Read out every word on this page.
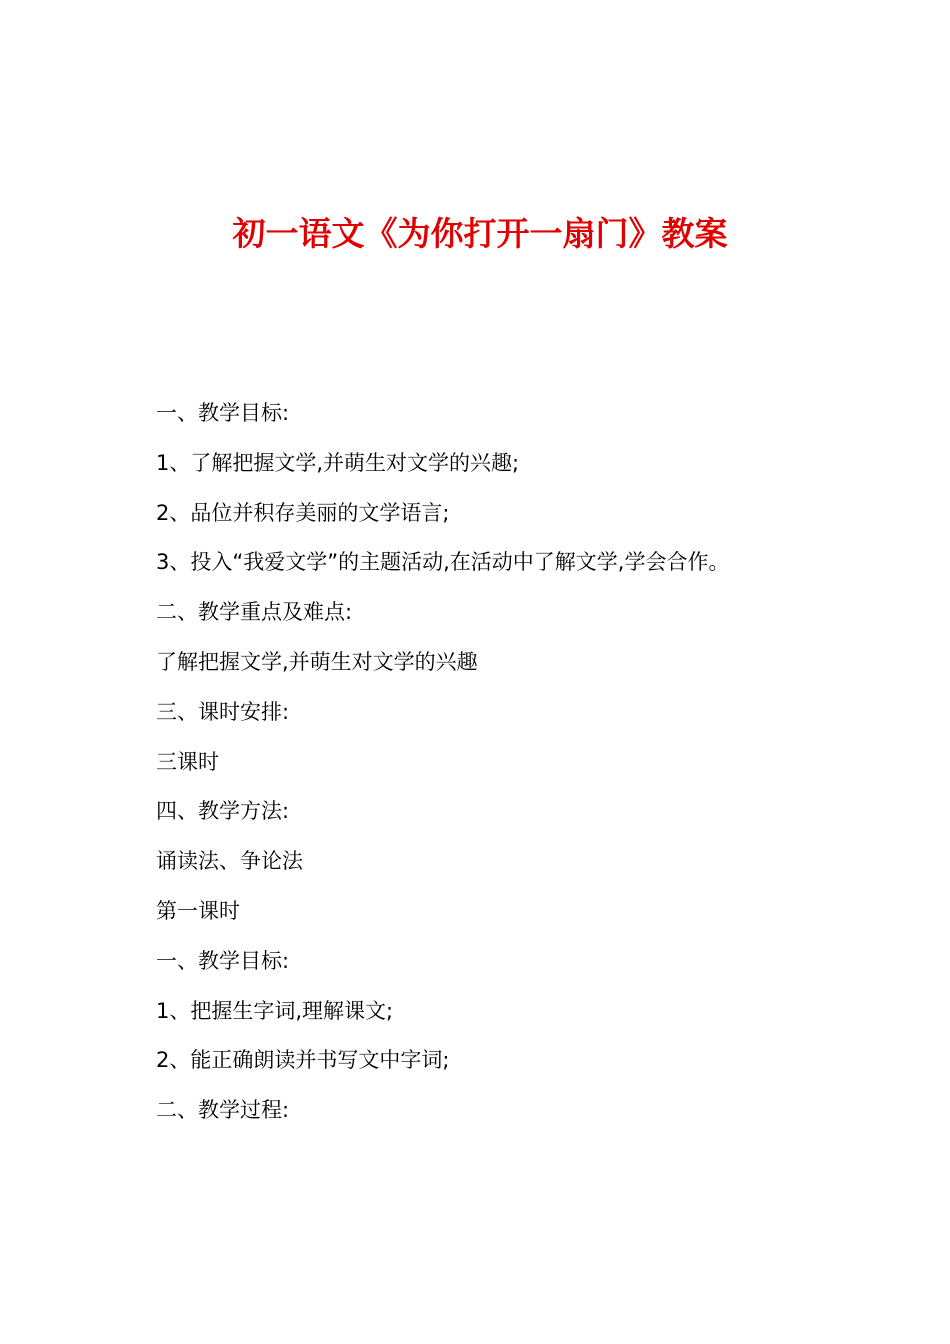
初一语文《为你打开一扇门》教案
一、教学目标:
1、了解把握文学,并萌生对文学的兴趣;
2、品位并积存美丽的文学语言;
3、投入“我爱文学”的主题活动,在活动中了解文学,学会合作。
二、教学重点及难点:
了解把握文学,并萌生对文学的兴趣
三、课时安排:
三课时
四、教学方法:
诵读法、争论法
第一课时
一、教学目标:
1、把握生字词,理解课文;
2、能正确朗读并书写文中字词;
二、教学过程:
